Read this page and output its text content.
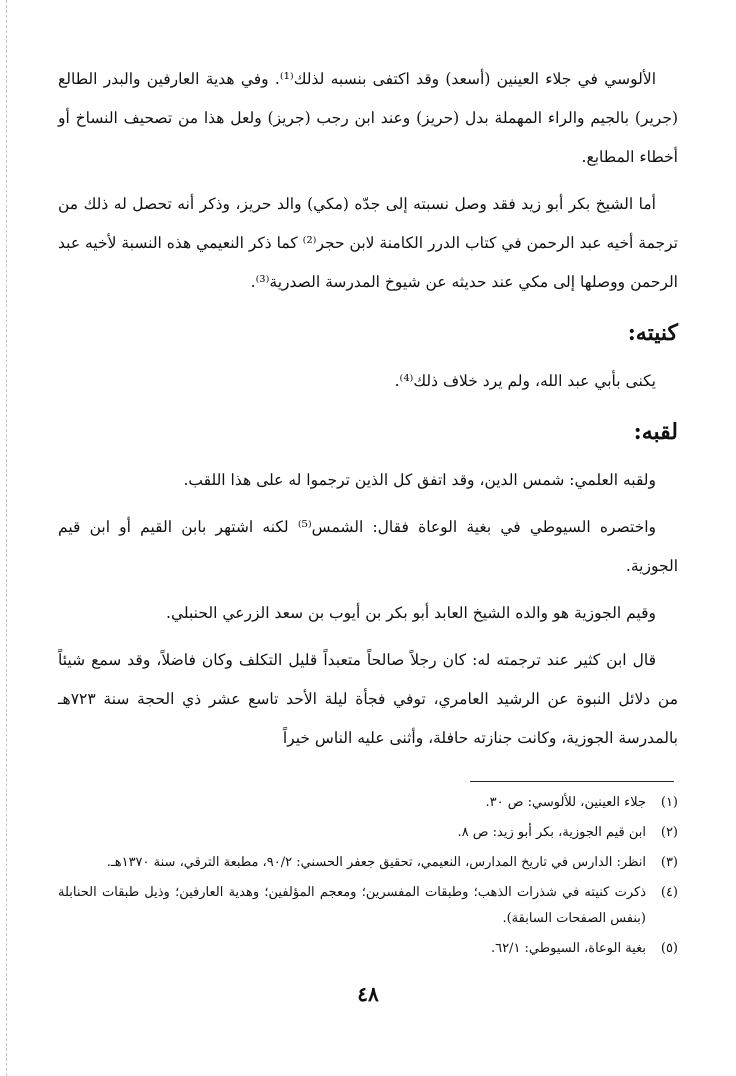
الألوسي في جلاء العينين (أسعد) وقد اكتفى بنسبه لذلك⁽¹⁾. وفي هدية العارفين والبدر الطالع (جرير) بالجيم والراء المهملة بدل (حريز) وعند ابن رجب (جريز) ولعل هذا من تصحيف النساخ أو أخطاء المطابع.

أما الشيخ بكر أبو زيد فقد وصل نسبته إلى جدّه (مكي) والد حريز، وذكر أنه تحصل له ذلك من ترجمة أخيه عبد الرحمن في كتاب الدرر الكامنة لابن حجر⁽²⁾ كما ذكر النعيمي هذه النسبة لأخيه عبد الرحمن ووصلها إلى مكي عند حديثه عن شيوخ المدرسة الصدرية⁽³⁾.

كنيته:

يكنى بأبي عبد الله، ولم يرد خلاف ذلك⁽⁴⁾.

لقبه:

ولقبه العلمي: شمس الدين، وقد اتفق كل الذين ترجموا له على هذا اللقب.

واختصره السيوطي في بغية الوعاة فقال: الشمس⁽⁵⁾ لكنه اشتهر بابن القيم أو ابن قيم الجوزية.

وقيم الجوزية هو والده الشيخ العابد أبو بكر بن أيوب بن سعد الزرعي الحنبلي.

قال ابن كثير عند ترجمته له: كان رجلاً صالحاً متعبداً قليل التكلف وكان فاضلاً، وقد سمع شيئاً من دلائل النبوة عن الرشيد العامري، توفي فجأة ليلة الأحد تاسع عشر ذي الحجة سنة ٧٢٣هـ بالمدرسة الجوزية، وكانت جنازته حافلة، وأثنى عليه الناس خيراً

(١)
جلاء العينين، للألوسي: ص ٣٠.
(٢)
ابن قيم الجوزية، بكر أبو زيد: ص ٨.
(٣)
انظر: الدارس في تاريخ المدارس، النعيمي، تحقيق جعفر الحسني: ٩٠/٢، مطبعة الترقي، سنة ١٣٧٠هـ.
(٤)
ذكرت كنيته في شذرات الذهب؛ وطبقات المفسرين؛ ومعجم المؤلفين؛ وهدية العارفين؛ وذيل طبقات الحنابلة (بنفس الصفحات السابقة).
(٥)
بغية الوعاة، السيوطي: ٦٢/١.
٤٨
